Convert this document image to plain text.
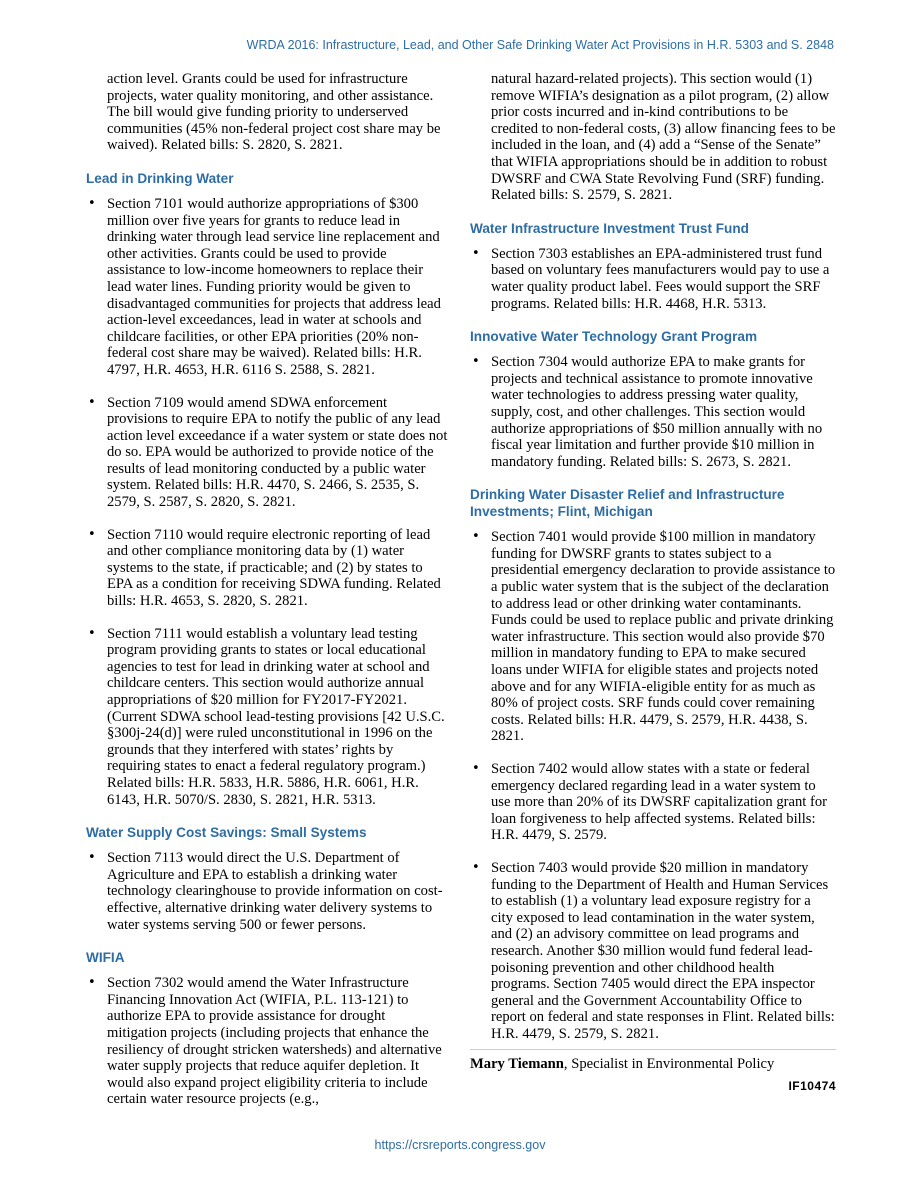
WRDA 2016: Infrastructure, Lead, and Other Safe Drinking Water Act Provisions in H.R. 5303 and S. 2848

action level. Grants could be used for infrastructure projects, water quality monitoring, and other assistance. The bill would give funding priority to underserved communities (45% non-federal project cost share may be waived). Related bills: S. 2820, S. 2821.

Lead in Drinking Water
• Section 7101 would authorize appropriations of $300 million over five years for grants to reduce lead in drinking water through lead service line replacement and other activities. Grants could be used to provide assistance to low-income homeowners to replace their lead water lines. Funding priority would be given to disadvantaged communities for projects that address lead action-level exceedances, lead in water at schools and childcare facilities, or other EPA priorities (20% non-federal cost share may be waived). Related bills: H.R. 4797, H.R. 4653, H.R. 6116 S. 2588, S. 2821.
• Section 7109 would amend SDWA enforcement provisions to require EPA to notify the public of any lead action level exceedance if a water system or state does not do so. EPA would be authorized to provide notice of the results of lead monitoring conducted by a public water system. Related bills: H.R. 4470, S. 2466, S. 2535, S. 2579, S. 2587, S. 2820, S. 2821.
• Section 7110 would require electronic reporting of lead and other compliance monitoring data by (1) water systems to the state, if practicable; and (2) by states to EPA as a condition for receiving SDWA funding. Related bills: H.R. 4653, S. 2820, S. 2821.
• Section 7111 would establish a voluntary lead testing program providing grants to states or local educational agencies to test for lead in drinking water at school and childcare centers. This section would authorize annual appropriations of $20 million for FY2017-FY2021. (Current SDWA school lead-testing provisions [42 U.S.C. §300j-24(d)] were ruled unconstitutional in 1996 on the grounds that they interfered with states’ rights by requiring states to enact a federal regulatory program.) Related bills: H.R. 5833, H.R. 5886, H.R. 6061, H.R. 6143, H.R. 5070/S. 2830, S. 2821, H.R. 5313.
Water Supply Cost Savings: Small Systems
• Section 7113 would direct the U.S. Department of Agriculture and EPA to establish a drinking water technology clearinghouse to provide information on cost-effective, alternative drinking water delivery systems to water systems serving 500 or fewer persons.
WIFIA
• Section 7302 would amend the Water Infrastructure Financing Innovation Act (WIFIA, P.L. 113-121) to authorize EPA to provide assistance for drought mitigation projects (including projects that enhance the resiliency of drought stricken watersheds) and alternative water supply projects that reduce aquifer depletion. It would also expand project eligibility criteria to include certain water resource projects (e.g.,

natural hazard-related projects). This section would (1) remove WIFIA’s designation as a pilot program, (2) allow prior costs incurred and in-kind contributions to be credited to non-federal costs, (3) allow financing fees to be included in the loan, and (4) add a “Sense of the Senate” that WIFIA appropriations should be in addition to robust DWSRF and CWA State Revolving Fund (SRF) funding. Related bills: S. 2579, S. 2821.

Water Infrastructure Investment Trust Fund
• Section 7303 establishes an EPA-administered trust fund based on voluntary fees manufacturers would pay to use a water quality product label. Fees would support the SRF programs. Related bills: H.R. 4468, H.R. 5313.
Innovative Water Technology Grant Program
• Section 7304 would authorize EPA to make grants for projects and technical assistance to promote innovative water technologies to address pressing water quality, supply, cost, and other challenges. This section would authorize appropriations of $50 million annually with no fiscal year limitation and further provide $10 million in mandatory funding. Related bills: S. 2673, S. 2821.
Drinking Water Disaster Relief and Infrastructure Investments; Flint, Michigan
• Section 7401 would provide $100 million in mandatory funding for DWSRF grants to states subject to a presidential emergency declaration to provide assistance to a public water system that is the subject of the declaration to address lead or other drinking water contaminants. Funds could be used to replace public and private drinking water infrastructure. This section would also provide $70 million in mandatory funding to EPA to make secured loans under WIFIA for eligible states and projects noted above and for any WIFIA-eligible entity for as much as 80% of project costs. SRF funds could cover remaining costs. Related bills: H.R. 4479, S. 2579, H.R. 4438, S. 2821.
• Section 7402 would allow states with a state or federal emergency declared regarding lead in a water system to use more than 20% of its DWSRF capitalization grant for loan forgiveness to help affected systems. Related bills: H.R. 4479, S. 2579.
• Section 7403 would provide $20 million in mandatory funding to the Department of Health and Human Services to establish (1) a voluntary lead exposure registry for a city exposed to lead contamination in the water system, and (2) an advisory committee on lead programs and research. Another $30 million would fund federal lead-poisoning prevention and other childhood health programs. Section 7405 would direct the EPA inspector general and the Government Accountability Office to report on federal and state responses in Flint. Related bills: H.R. 4479, S. 2579, S. 2821.

Mary Tiemann, Specialist in Environmental Policy

IF10474
https://crsreports.congress.gov
